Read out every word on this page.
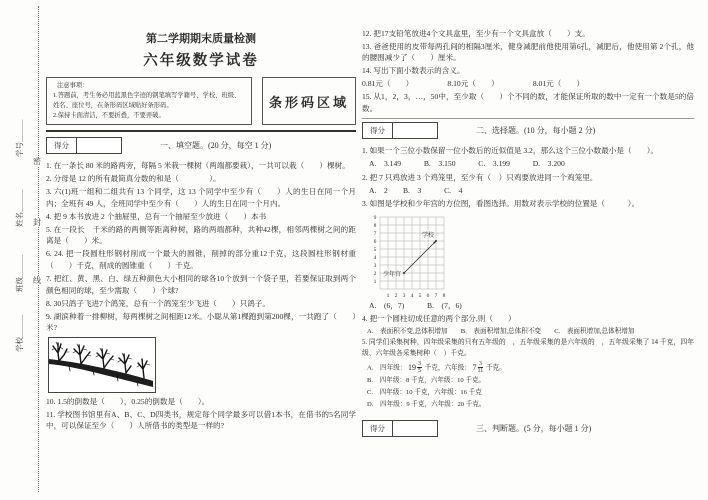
学号＿＿＿
姓名＿＿＿
班级＿＿＿
学校＿＿＿
密
封
线
第二学期期末质量检测
六年级数学试卷
注意事项：
1.答题前，考生务必用蓝黑色字迹的钢笔填写学籍号、学校、班级、姓名、座位号，在条形码区域贴好条形码。
2.保持卡面清洁，不要折叠，不要弄破。
条形码区域
得分	一、填空题。(20 分，每空 1 分)
1. 在一条长 80 米的路两旁，每隔 5 米栽一棵树（两端都要栽），一共可以栽（　　）棵树。
2. 分母是 12 的所有最简真分数的和是（　　　　）。
3. 六(1)班一组和二组共有 13 个同学，这 13 个同学中至少有（　　）人的生日在同一个月内；全班有 49 人，全班同学中至少有（　　）人的生日在同一个月内。
4. 把 9 本书放进 2 个抽屉里，总有一个抽屉至少放进（　　）本书
5. 在一段长　千米的路的两侧等距离种树，路的两端都种，共种42棵，相邻两棵树之间的距离是（　　）米。
6. 24. 把一段圆柱形钢材削成一个最大的圆锥，削掉的部分重12千克，这段圆柱形钢材重（　　）千克，削成的圆锥重（　　）千克。
7. 把红、黄、黑、白、绿五种颜色大小相同的球各10个放到一个袋子里，若要保证取到两个颜色相同的球，至少需取（　　）个球?
8. 30只鸽子飞进7个鸽笼，总有一个鸽笼至少飞进（　　）只鸽子。
9. 湖滨种着一排柳树，每两棵树之间相距12米。小聪从第1棵跑到第200棵，一共跑了（　　）米?
10. 1.5的倒数是（　　），0.25的倒数是（　　）。
11. 学校图书馆里有A、B、C、D四类书，规定每个同学最多可以借1本书，在借书的5名同学中，可以保证至少（　　）人所借书的类型是一样的?
12. 把17支铅笔放进4个文具盒里，至少有一个文具盒放（　　）支。
13. 爸爸使用的皮带每两孔间的相隔3厘米，健身减肥前他使用第6孔，减肥后，他使用第 2个孔，他的腰围减少了（　　）厘米。
14. 写出下面小数表示的含义。
0.81元（　　）　　　　　8.10元（　　）　　　　　8.01元（　　）
15. 从1，2，3，…，50中，至少取（　　）个不同的数，才能保证所取的数中一定有一个数是5的倍数。
得分	二、选择题。(10 分，每小题 2 分)
1. 如果一个三位小数保留一位小数后的近似值是 3.2，那么这个三位小数最小是（　　）。
A.　3.149　　　B.　3.150　　　C.　3.199　　　D.　3.200
2. 把 7 只鸡放进 3 个鸡笼里，至少有（　）只鸡要放进同一个鸡笼里。
A.　2　　B.　3　　　C.　4
3. 如图是学校和少年宫的方位图，看图选择。用数对表示学校的位置是（　　　）。
1 2 3 4 5 6 7 8
1
2
3
4
5
6
7
8
9
学校
少年宫
A.　(6，7)　　　B.　(7，6)
4. 把一个圆柱切成任意的两个部分,则（　　）
A.　表面积不变,总体积增加　　B.　表面积增加,总体积不变　　C.　表面积增加,总体积增加
5. 同学们采集树种，四年级采集的只有五年级的　，五年级采集的是六年级的　，五年级采集了 14 千克，四年级、六年级各采集树种（　）千克。
A.　四年级： $19 \frac{3}{5}$ 千克，六年级： $7 \frac{3}{11}$ 千克。
B.　四年级：8 千克，六年级：10 千克。
C.　四年级：10 千克，六年级：16 千克
D.　四年级：9 千克，六年级：20 千克。
得分	三、判断题。(5 分，每小题 1 分)
